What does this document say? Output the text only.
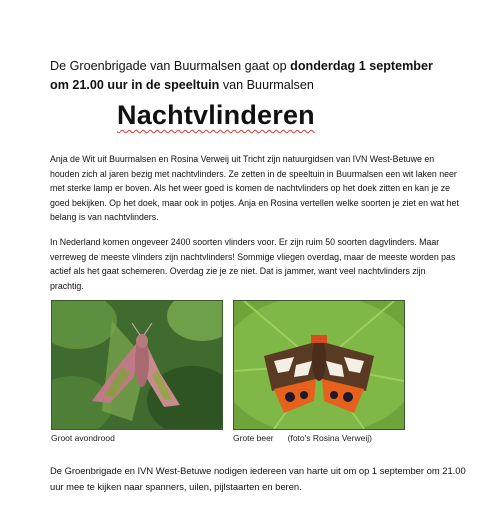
De Groenbrigade van Buurmalsen gaat op donderdag 1 september
om 21.00 uur in de speeltuin van Buurmalsen
Nachtvlinderen
Anja de Wit uit Buurmalsen en Rosina Verweij uit Tricht zijn natuurgidsen van IVN West-Betuwe en houden zich al jaren bezig met nachtvlinders. Ze zetten in de speeltuin in Buurmalsen een wit laken neer met sterke lamp er boven. Als het weer goed is komen de nachtvlinders op het doek zitten en kan je ze goed bekijken. Op het doek, maar ook in potjes. Anja en Rosina vertellen welke soorten je ziet en wat het belang is van nachtvlinders.
In Nederland komen ongeveer 2400 soorten vlinders voor. Er zijn ruim 50 soorten dagvlinders. Maar verreweg de meeste vlinders zijn nachtvlinders! Sommige vliegen overdag, maar de meeste worden pas actief als het gaat schemeren. Overdag zie je ze niet. Dat is jammer, want veel nachtvlinders zijn prachtig.
Groot avondrood	Grote beer (foto's Rosina Verweij)
De Groenbrigade en IVN West-Betuwe nodigen iedereen van harte uit om op 1 september om 21.00 uur mee te kijken naar spanners, uilen, pijlstaarten en beren.
